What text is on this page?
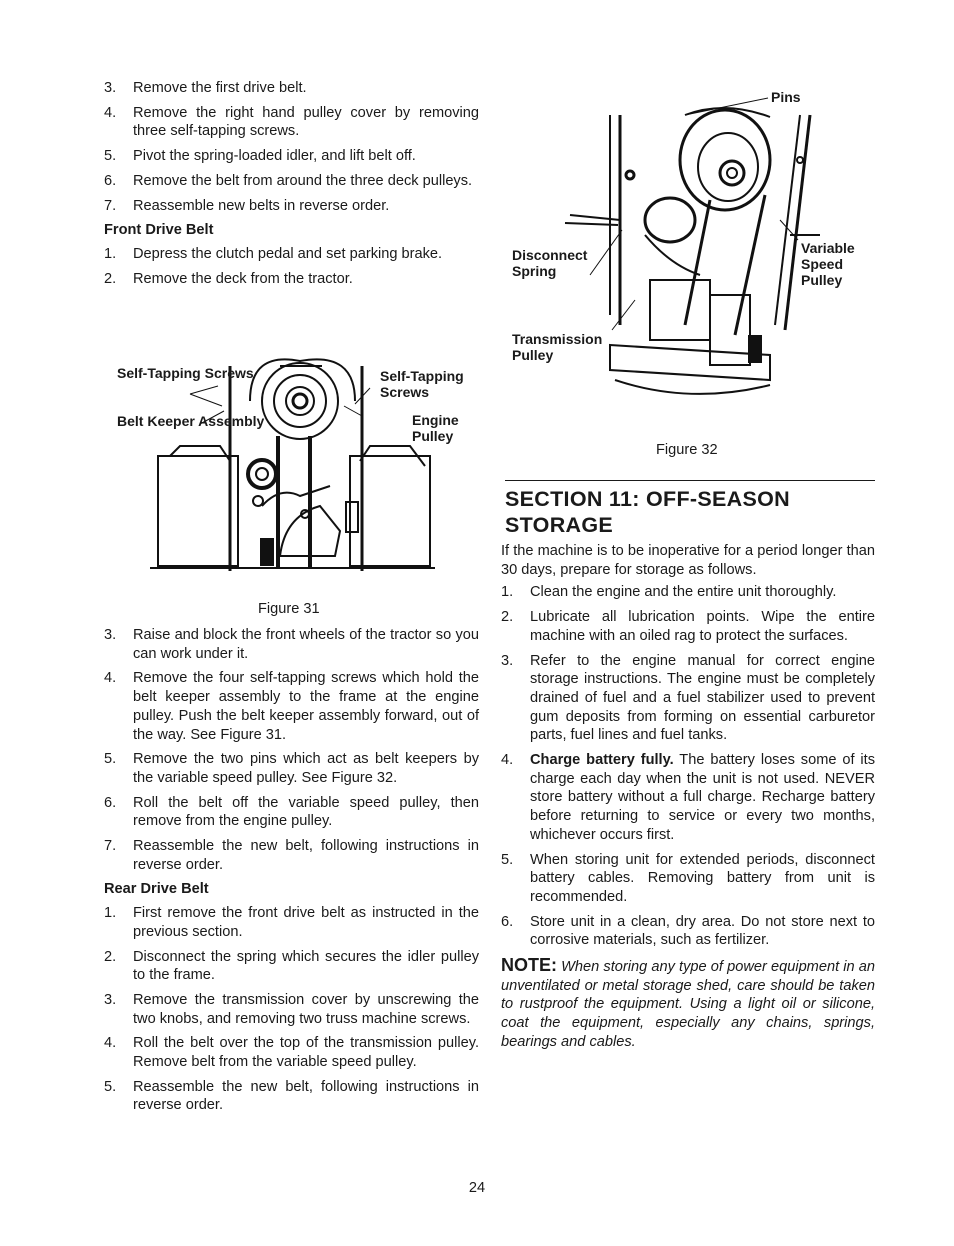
3.	Remove the first drive belt.
4.	Remove the right hand pulley cover by removing three self-tapping screws.
5.	Pivot the spring-loaded idler, and lift belt off.
6.	Remove the belt from around the three deck pulleys.
7.	Reassemble new belts in reverse order.
Front Drive Belt
1.	Depress the clutch pedal and set parking brake.
2.	Remove the deck from the tractor.
Self-Tapping Screws
Belt Keeper Assembly
Self-Tapping Screws
Engine Pulley
Figure 31
3.	Raise and block the front wheels of the tractor so you can work under it.
4.	Remove the four self-tapping screws which hold the belt keeper assembly to the frame at the engine pulley. Push the belt keeper assembly forward, out of the way. See Figure 31.
5.	Remove the two pins which act as belt keepers by the variable speed pulley. See Figure 32.
6.	Roll the belt off the variable speed pulley, then remove from the engine pulley.
7.	Reassemble the new belt, following instructions in reverse order.
Rear Drive Belt
1.	First remove the front drive belt as instructed in the previous section.
2.	Disconnect the spring which secures the idler pulley to the frame.
3.	Remove the transmission cover by unscrewing the two knobs, and removing two truss machine screws.
4.	Roll the belt over the top of the transmission pulley. Remove belt from the variable speed pulley.
5.	Reassemble the new belt, following instructions in reverse order.
Pins
Disconnect Spring
Variable Speed Pulley
Transmission Pulley
Figure 32
SECTION 11: OFF-SEASON
STORAGE
If the machine is to be inoperative for a period longer than 30 days, prepare for storage as follows.
1.	Clean the engine and the entire unit thoroughly.
2.	Lubricate all lubrication points. Wipe the entire machine with an oiled rag to protect the surfaces.
3.	Refer to the engine manual for correct engine storage instructions. The engine must be completely drained of fuel and a fuel stabilizer used to prevent gum deposits from forming on essential carburetor parts, fuel lines and fuel tanks.
4.	Charge battery fully. The battery loses some of its charge each day when the unit is not used. NEVER store battery without a full charge. Recharge battery before returning to service or every two months, whichever occurs first.
5.	When storing unit for extended periods, disconnect battery cables. Removing battery from unit is recommended.
6.	Store unit in a clean, dry area. Do not store next to corrosive materials, such as fertilizer.
NOTE: When storing any type of power equipment in an unventilated or metal storage shed, care should be taken to rustproof the equipment. Using a light oil or silicone, coat the equipment, especially any chains, springs, bearings and cables.
24
